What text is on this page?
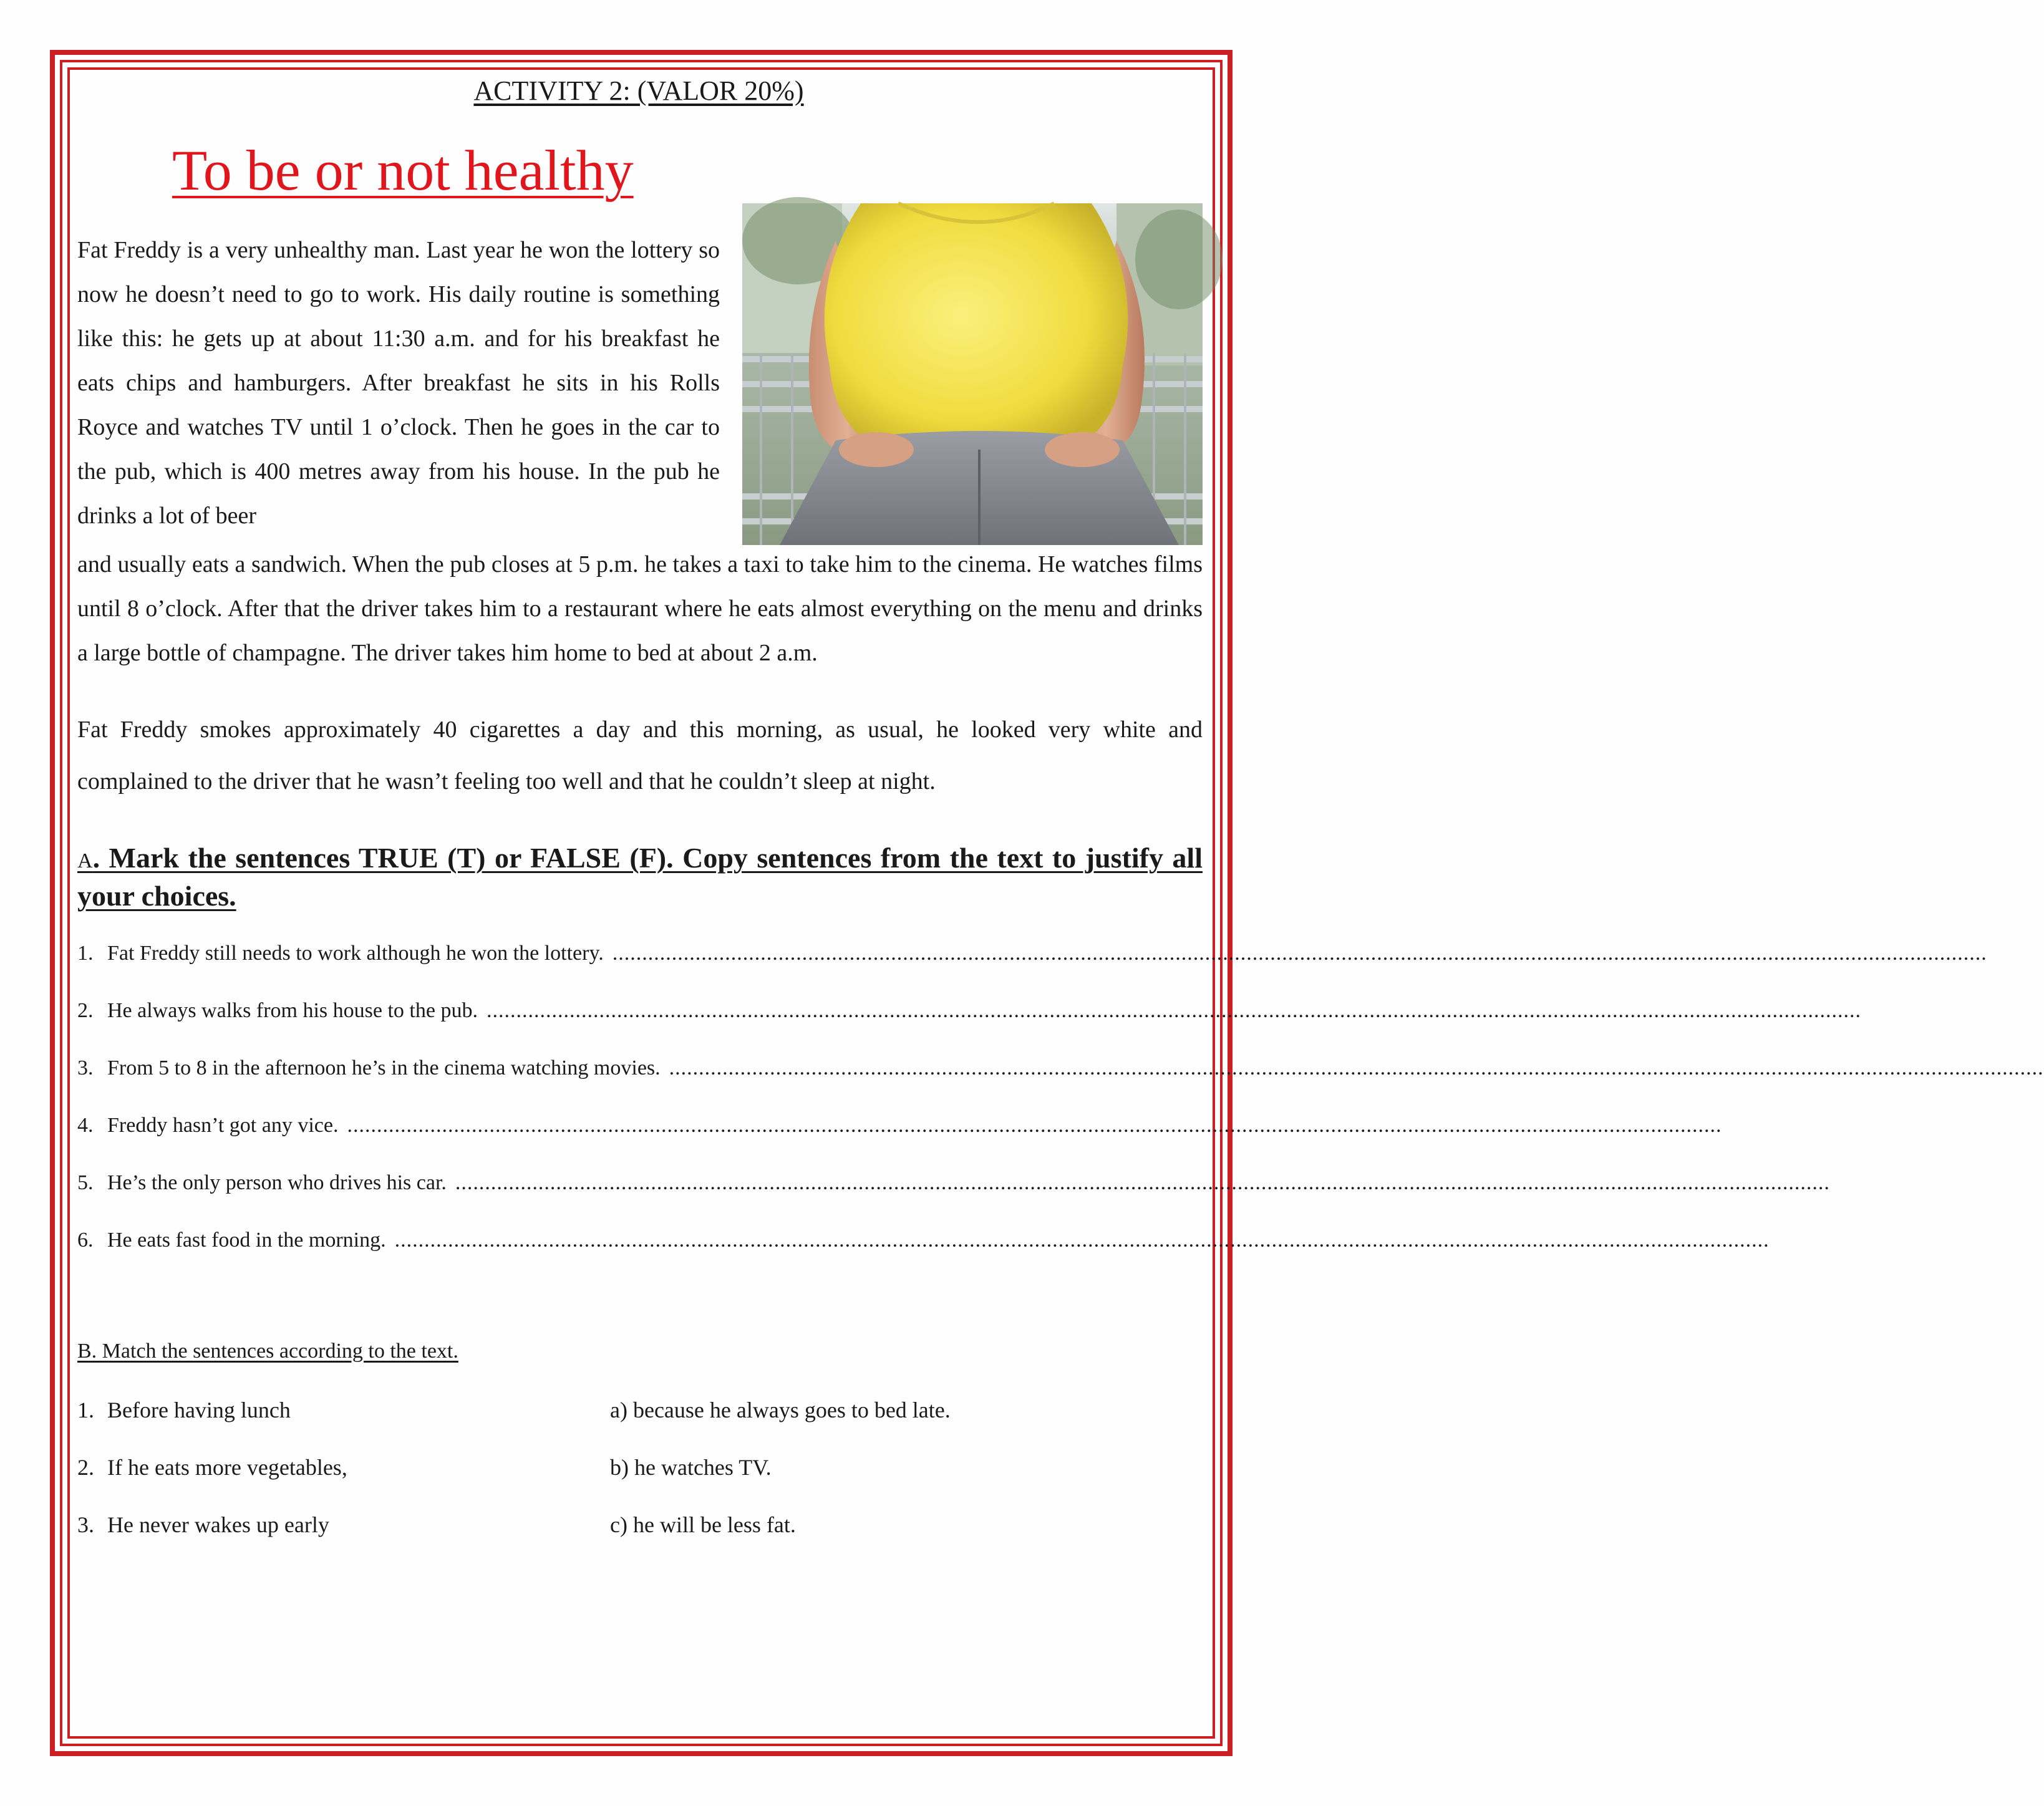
ACTIVITY 2: (VALOR 20%)
To be or not healthy
Fat Freddy is a very unhealthy man. Last year he won the lottery so now he doesn’t need to go to work. His daily routine is something like this: he gets up at about 11:30 a.m. and for his breakfast he eats chips and hamburgers. After breakfast he sits in his Rolls Royce and watches TV until 1 o’clock. Then he goes in the car to the pub, which is 400 metres away from his house. In the pub he drinks a lot of beer
and usually eats a sandwich. When the pub closes at 5 p.m. he takes a taxi to take him to the cinema. He watches films until 8 o’clock. After that the driver takes him to a restaurant where he eats almost everything on the menu and drinks a large bottle of champagne. The driver takes him home to bed at about 2 a.m.
Fat Freddy smokes approximately 40 cigarettes a day and this morning, as usual, he looked very white and complained to the driver that he wasn’t feeling too well and that he couldn’t sleep at night.
A. Mark the sentences TRUE (T) or FALSE (F). Copy sentences from the text to justify all your choices.
1. Fat Freddy still needs to work although he won the lottery. ........................................................................................................................................................................................................................................
2. He always walks from his house to the pub. ........................................................................................................................................................................................................................................
3. From 5 to 8 in the afternoon he’s in the cinema watching movies. ........................................................................................................................................................................................................................................
4. Freddy hasn’t got any vice. ........................................................................................................................................................................................................................................
5. He’s the only person who drives his car. ........................................................................................................................................................................................................................................
6. He eats fast food in the morning. ........................................................................................................................................................................................................................................
B. Match the sentences according to the text.
1. Before having lunch
2. If he eats more vegetables,
3. He never wakes up early
a) because he always goes to bed late.
b) he watches TV.
c) he will be less fat.
